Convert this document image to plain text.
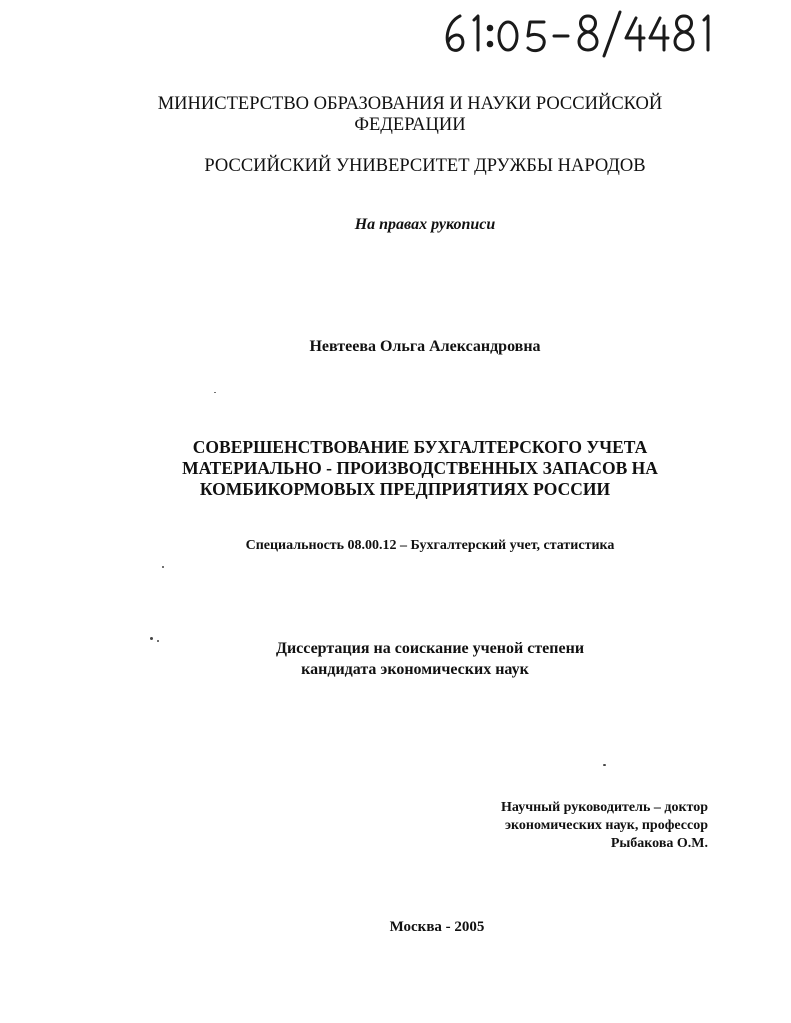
МИНИСТЕРСТВО ОБРАЗОВАНИЯ И НАУКИ РОССИЙСКОЙ ФЕДЕРАЦИИ
РОССИЙСКИЙ УНИВЕРСИТЕТ ДРУЖБЫ НАРОДОВ
На правах рукописи
Невтеева Ольга Александровна
СОВЕРШЕНСТВОВАНИЕ БУХГАЛТЕРСКОГО УЧЕТА
МАТЕРИАЛЬНО - ПРОИЗВОДСТВЕННЫХ ЗАПАСОВ НА
КОМБИКОРМОВЫХ ПРЕДПРИЯТИЯХ РОССИИ
Специальность 08.00.12 – Бухгалтерский учет, статистика
Диссертация на соискание ученой степени
кандидата экономических наук
Научный руководитель – доктор
экономических наук, профессор
Рыбакова О.М.
Москва - 2005
